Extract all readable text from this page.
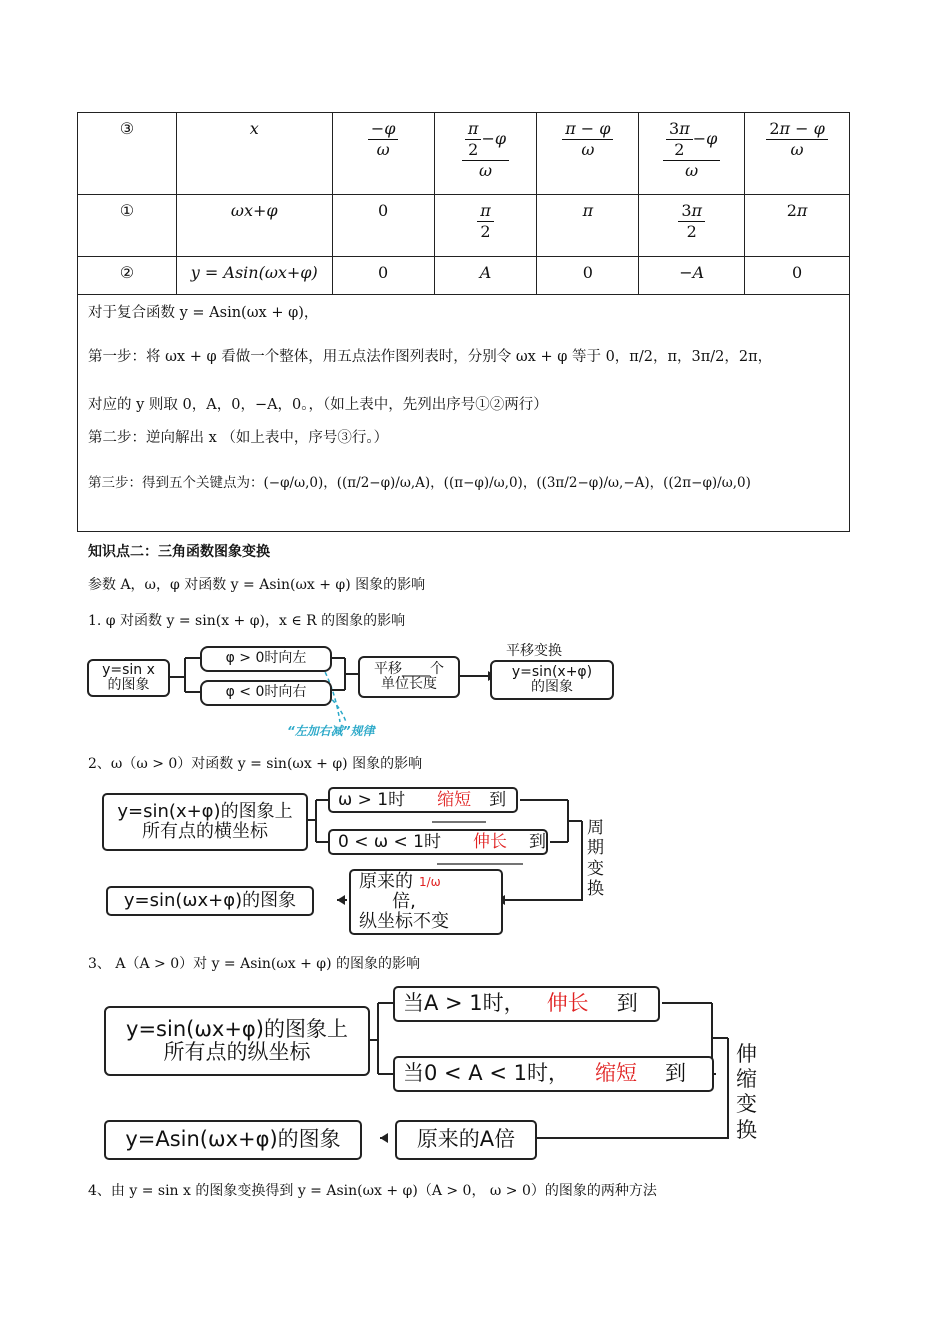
③	x	$\frac{-\varphi}{\omega}$	$\frac{\frac{\pi}{2} -\varphi}{\omega}$	$\frac{\pi - \varphi}{\omega}$	$\frac{\frac{3\pi}{2} -\varphi}{\omega}$	$\frac{2\pi - \varphi}{\omega}$

①	ωx+φ	0	$\frac{\pi}{2}$	π	$\frac{3\pi}{2}$	2π
②	y = Asin(ωx+φ)	0	A	0	−A	0

对于复合函数 y = Asin(ωx + φ)，
第一步：将 ωx + φ 看做一个整体，用五点法作图列表时，分别令 ωx + φ 等于 0，π/2，π，3π/2，2π，
对应的 y 则取 0，A，0，−A，0。，（如上表中，先列出序号①②两行）
第二步：逆向解出 x （如上表中，序号③行。）
第三步：得到五个关键点为：(−φ/ω,0)，((π/2−φ)/ω,A)，((π−φ)/ω,0)，((3π/2−φ)/ω,−A)，((2π−φ)/ω,0)						
知识点二：三角函数图象变换
参数 A，ω，φ 对函数 y = Asin(ωx + φ) 图象的影响
1. φ 对函数 y = sin(x + φ)，x ∈ R 的图象的影响
2、ω（ω > 0）对函数 y = sin(ωx + φ) 图象的影响
3、 A（A > 0）对 y = Asin(ωx + φ) 的图象的影响
4、由 y = sin x 的图象变换得到 y = Asin(ωx + φ)（A > 0， ω > 0）的图象的两种方法
y=sin x
的图象
φ > 0时向左
φ < 0时向右
平移____个
单位长度
平移变换
y=sin(x+φ)
的图象
“左加右减”规律
y=sin(x+φ)的图象上
所有点的横坐标
ω > 1时 缩短 到
0 < ω < 1时 伸长 到
周
期
变
换
原来的 1/ω
倍,
纵坐标不变
y=sin(ωx+φ)的图象
y=sin(ωx+φ)的图象上
所有点的纵坐标
当A > 1时， 伸长 到
当0 < A < 1时， 缩短 到
伸
缩
变
换
原来的A倍
y=Asin(ωx+φ)的图象
